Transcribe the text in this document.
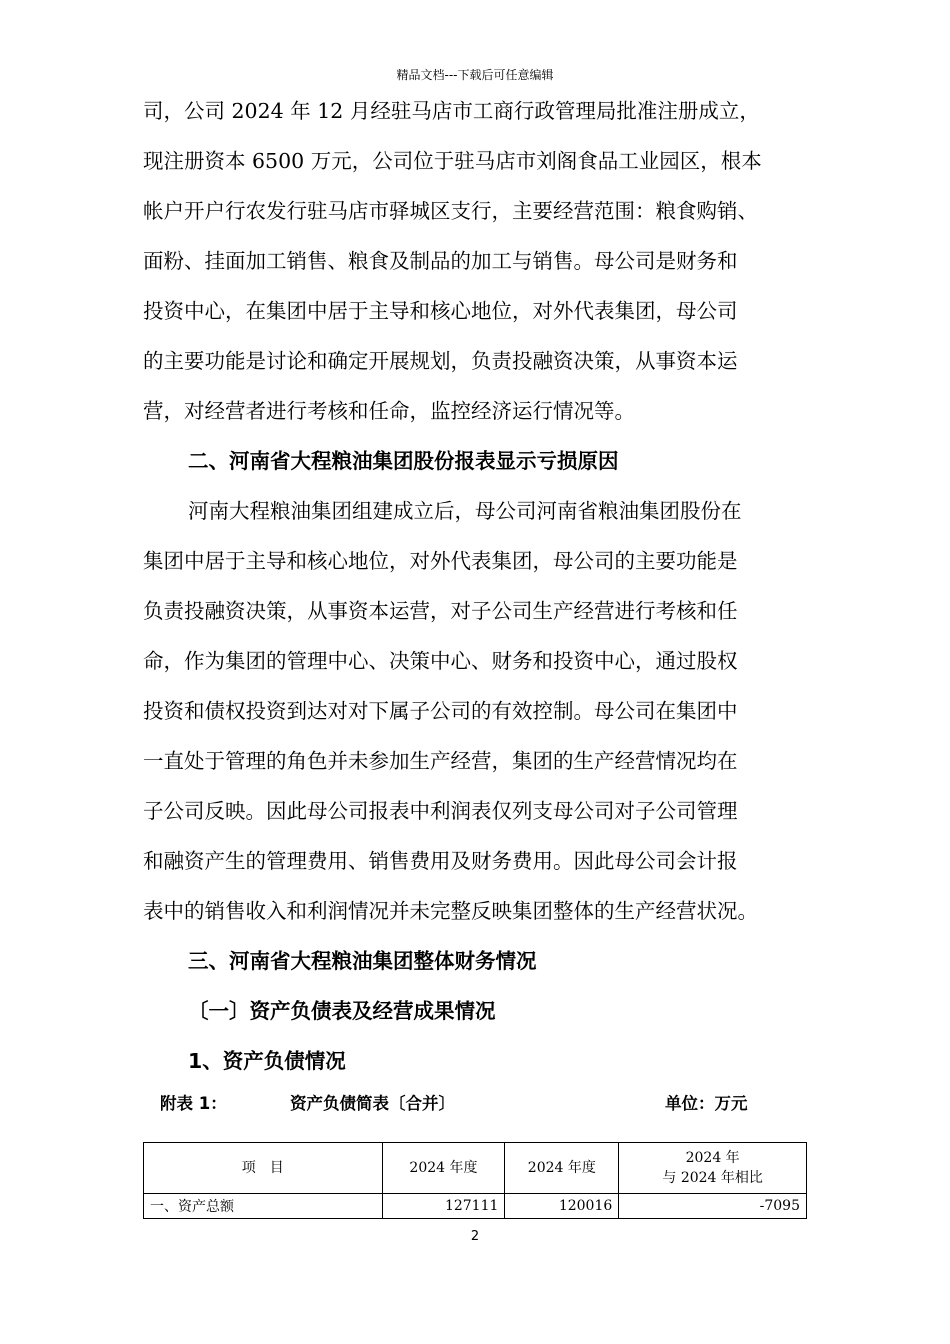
精品文档---下载后可任意编辑
司，公司 2024 年 12 月经驻马店市工商行政管理局批准注册成立，
现注册资本 6500 万元，公司位于驻马店市刘阁食品工业园区，根本
帐户开户行农发行驻马店市驿城区支行，主要经营范围：粮食购销、
面粉、挂面加工销售、粮食及制品的加工与销售。母公司是财务和
投资中心，在集团中居于主导和核心地位，对外代表集团，母公司
的主要功能是讨论和确定开展规划，负责投融资决策，从事资本运
营，对经营者进行考核和任命，监控经济运行情况等。
二、河南省大程粮油集团股份报表显示亏损原因
河南大程粮油集团组建成立后，母公司河南省粮油集团股份在
集团中居于主导和核心地位，对外代表集团，母公司的主要功能是
负责投融资决策，从事资本运营，对子公司生产经营进行考核和任
命，作为集团的管理中心、决策中心、财务和投资中心，通过股权
投资和债权投资到达对对下属子公司的有效控制。母公司在集团中
一直处于管理的角色并未参加生产经营，集团的生产经营情况均在
子公司反映。因此母公司报表中利润表仅列支母公司对子公司管理
和融资产生的管理费用、销售费用及财务费用。因此母公司会计报
表中的销售收入和利润情况并未完整反映集团整体的生产经营状况。
三、河南省大程粮油集团整体财务情况
〔一〕资产负债表及经营成果情况
1、资产负债情况
附表 1：	资产负债简表〔合并〕	单位：万元
项　目	2024 年度	2024 年度	2024 年
与 2024 年相比

一、资产总额	127111	120016	-7095
2
